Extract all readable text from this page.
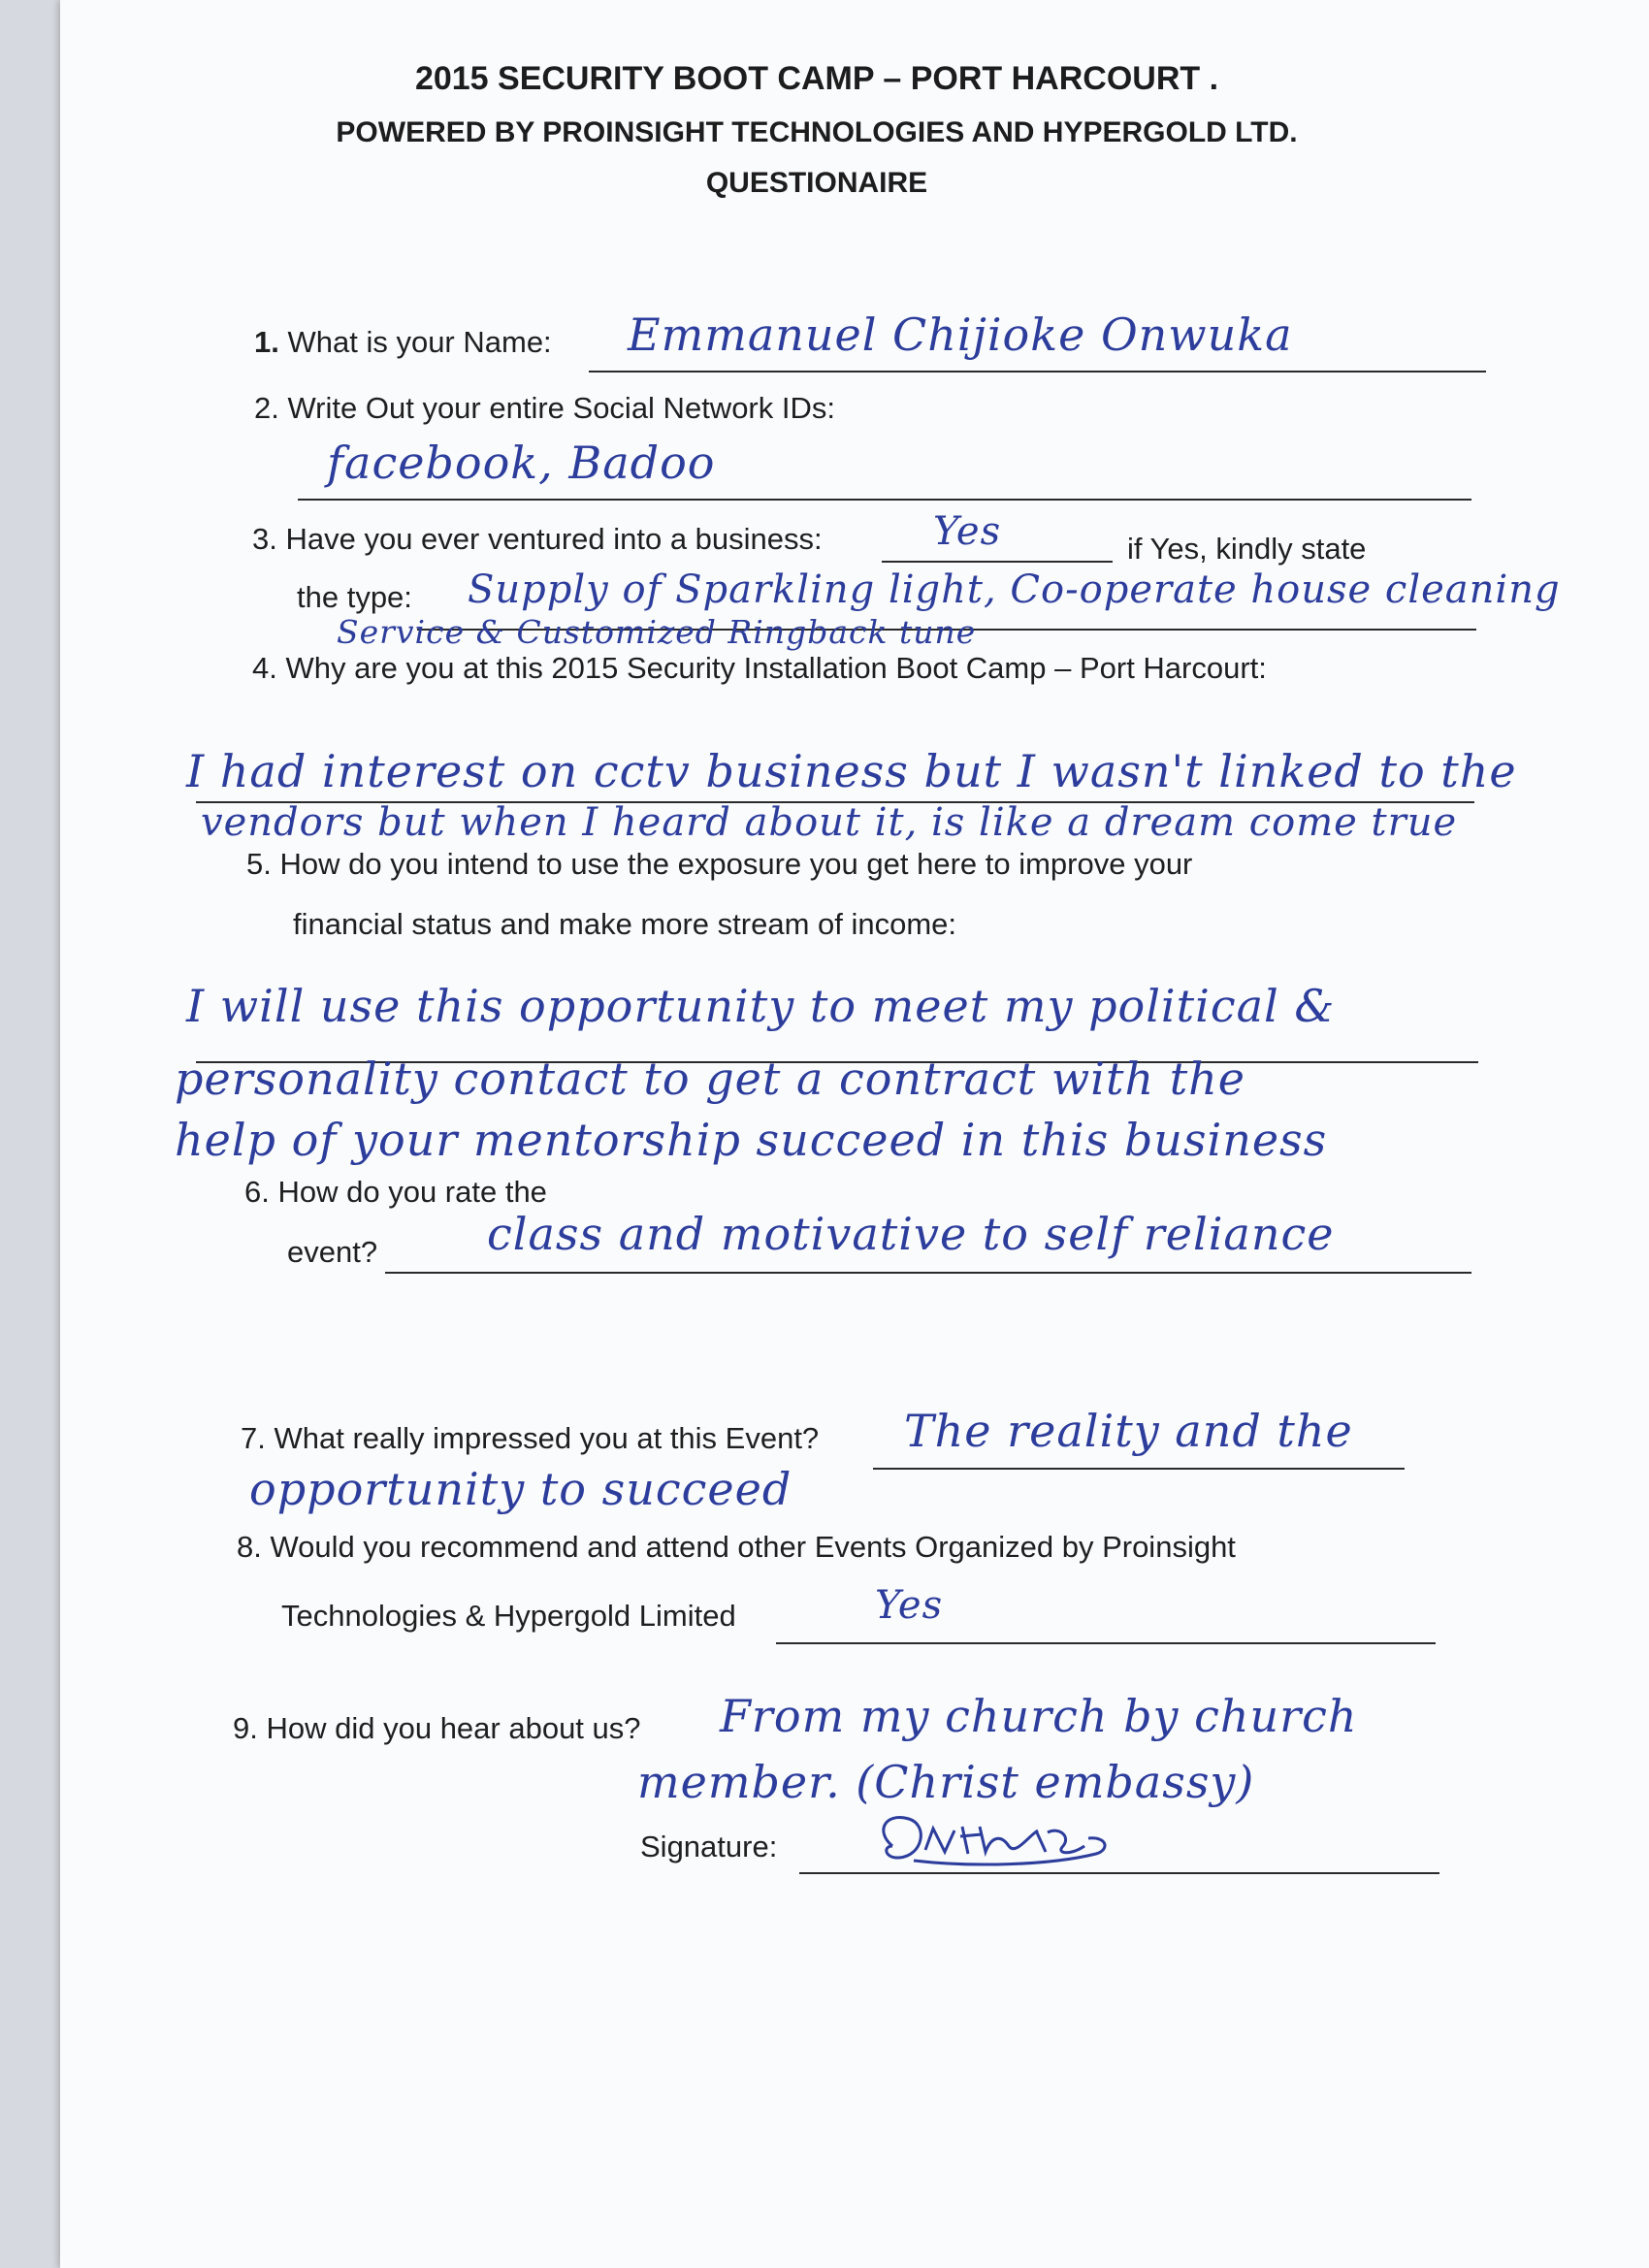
2015 SECURITY BOOT CAMP – PORT HARCOURT .
POWERED BY PROINSIGHT TECHNOLOGIES AND HYPERGOLD LTD.
QUESTIONAIRE
1. What is your Name: Emmanuel Chijioke Onwuka
2. Write Out your entire Social Network IDs:
facebook, Badoo
3. Have you ever ventured into a business:	Yes	if Yes, kindly state
the type: Supply of Sparkling light, Co-operate house cleaning
Service & Customized Ringback tune
4. Why are you at this 2015 Security Installation Boot Camp – Port Harcourt:
I had interest on cctv business but I wasn't linked to the
vendors but when I heard about it, is like a dream come true
5. How do you intend to use the exposure you get here to improve your
financial status and make more stream of income:
I will use this opportunity to meet my political &
personality contact to get a contract with the
help of your mentorship succeed in this business
6. How do you rate the
event? class and motivative to self reliance
7. What really impressed you at this Event? The reality and the
opportunity to succeed
8. Would you recommend and attend other Events Organized by Proinsight
Technologies & Hypergold Limited	Yes
9. How did you hear about us? From my church by church
member. (Christ embassy)
Signature:
